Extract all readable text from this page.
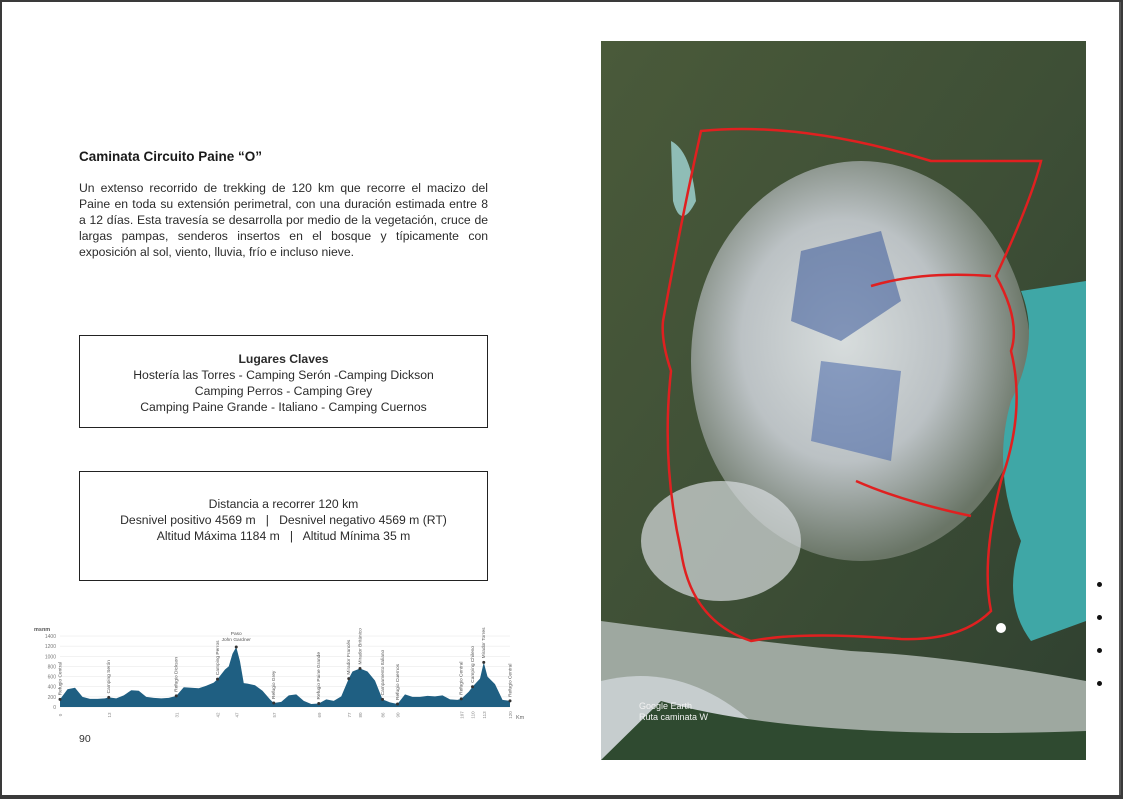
Caminata Circuito Paine “O”
Un extenso recorrido de trekking de 120 km que recorre el macizo del Paine en toda su extensión perimetral, con una duración estimada entre 8 a 12 días. Esta travesía se desarrolla por medio de la vegetación, cruce de largas pampas, senderos insertos en el bosque y típicamente con exposición al sol, viento, lluvia, frío e incluso nieve.
Lugares Claves
Hostería las Torres - Camping Serón -Camping Dickson
Camping Perros - Camping Grey
Camping Paine Grande - Italiano - Camping Cuernos
Distancia a recorrer 120 km
Desnivel positivo 4569 m   |   Desnivel negativo 4569 m (RT)
Altitud Máxima 1184 m   |   Altitud Mínima 35 m
msnm
0
200
400
600
800
1000
1200
1400
0	13	31	42	47	57	69	77 80	86 90	107 110 113	120 Km
Refugio Central	Camping Serón	Refugio Dickson	Camping Perros
Paso
John Gardner
Refugio Grey	Refugio Paine Grande	Mirador Francés Mirador Británico
Campamento Italiano Refugio Cuernos	Refugio Central Camping Chileno
Mirador Torres
Refugio Central
90
Google Earth
Ruta caminata W
